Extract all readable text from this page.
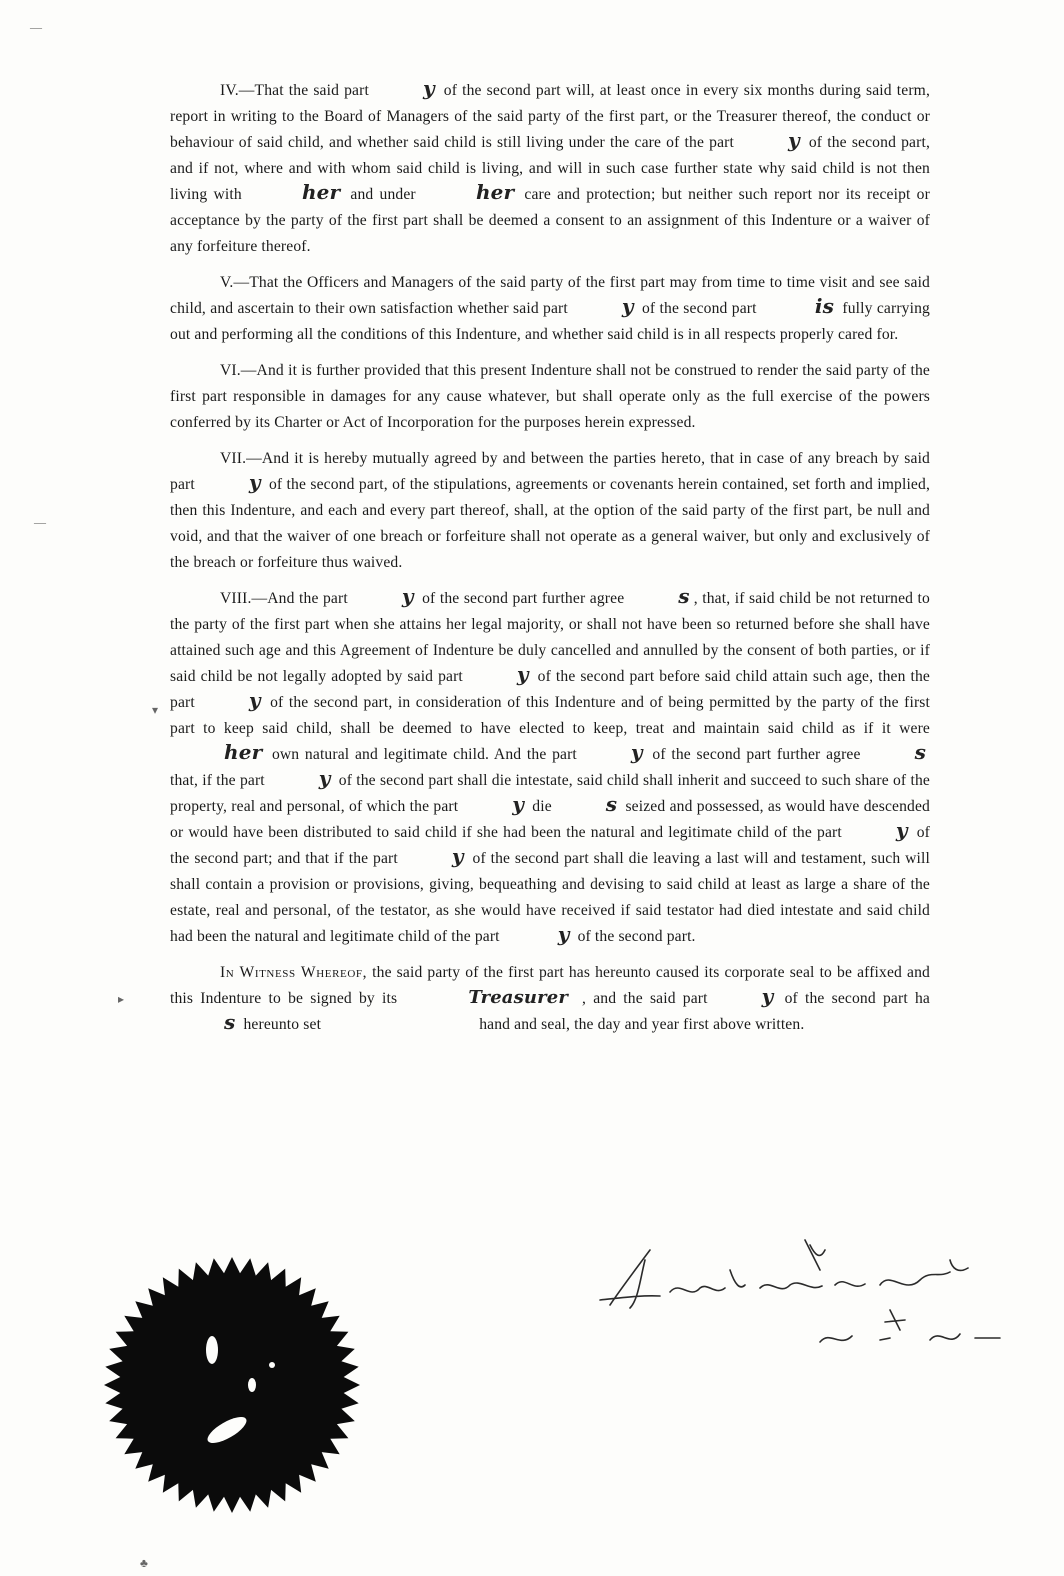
IV.—That the said part	y of the second part will, at least once in every six months during said term, report in writing to the Board of Managers of the said party of the first part, or the Treasurer thereof, the conduct or behaviour of said child, and whether said child is still living under the care of the part	y of the second part, and if not, where and with whom said child is living, and will in such case further state why said child is not then living with	her and under	her care and protection; but neither such report nor its receipt or acceptance by the party of the first part shall be deemed a consent to an assignment of this Indenture or a waiver of any forfeiture thereof.

V.—That the Officers and Managers of the said party of the first part may from time to time visit and see said child, and ascertain to their own satisfaction whether said part	y of the second part	is fully carrying out and performing all the conditions of this Indenture, and whether said child is in all respects properly cared for.

VI.—And it is further provided that this present Indenture shall not be construed to render the said party of the first part responsible in damages for any cause whatever, but shall operate only as the full exercise of the powers conferred by its Charter or Act of Incorporation for the purposes herein expressed.

VII.—And it is hereby mutually agreed by and between the parties hereto, that in case of any breach by said part	y of the second part, of the stipulations, agreements or covenants herein contained, set forth and implied, then this Indenture, and each and every part thereof, shall, at the option of the said party of the first part, be null and void, and that the waiver of one breach or forfeiture shall not operate as a general waiver, but only and exclusively of the breach or forfeiture thus waived.

VIII.—And the part	y of the second part further agree	s , that, if said child be not returned to the party of the first part when she attains her legal majority, or shall not have been so returned before she shall have attained such age and this Agreement of Indenture be duly cancelled and annulled by the consent of both parties, or if said child be not legally adopted by said part	y of the second part before said child attain such age, then the part	y of the second part, in consideration of this Indenture and of being permitted by the party of the first part to keep said child, shall be deemed to have elected to keep, treat and maintain said child as if it were her own natural and legitimate child. And the part	y of the second part further agree	s that, if the part	y of the second part shall die intestate, said child shall inherit and succeed to such share of the property, real and personal, of which the part	y die	s seized and possessed, as would have descended or would have been distributed to said child if she had been the natural and legitimate child of the part	y of the second part; and that if the part	y of the second part shall die leaving a last will and testament, such will shall contain a provision or provisions, giving, bequeathing and devising to said child at least as large a share of the estate, real and personal, of the testator, as she would have received if said testator had died intestate and said child had been the natural and legitimate child of the part	y of the second part.

In Witness Whereof, the said party of the first part has hereunto caused its corporate seal to be affixed and this Indenture to be signed by its	Treasurer , and the said part	y of the second part has hereunto set	hand and seal, the day and year first above written.

—
—
▾
▸
♣
